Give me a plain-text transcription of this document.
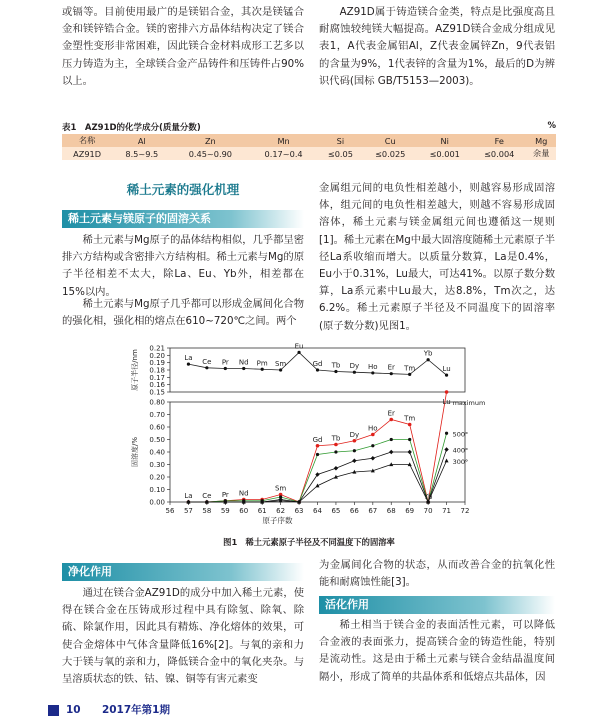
或镉等。目前使用最广的是镁铝合金，其次是镁锰合金和镁锌锆合金。镁的密排六方晶体结构决定了镁合金塑性变形非常困难，因此镁合金材料成形工艺多以压力铸造为主，全球镁合金产品铸件和压铸件占90%以上。
AZ91D属于铸造镁合金类，特点是比强度高且耐腐蚀较纯镁大幅提高。AZ91D镁合金成分组成见表1，A代表金属铝Al，Z代表金属锌Zn，9代表铝的含量为9%，1代表锌的含量为1%，最后的D为辨识代码(国标 GB/T5153—2003)。
表1　AZ91D的化学成分(质量分数)	%
名称	Al	Zn	Mn	Si	Cu	Ni	Fe	Mg
AZ91D	8.5~9.5	0.45~0.90	0.17~0.4	≤0.05	≤0.025	≤0.001	≤0.004	余量
稀土元素的强化机理
稀土元素与镁原子的固溶关系
稀土元素与Mg原子的晶体结构相似，几乎都呈密排六方结构或含密排六方结构相。稀土元素与Mg的原子半径相差不太大，除La、Eu、Yb外，相差都在15%以内。
稀土元素与Mg原子几乎都可以形成金属间化合物的强化相，强化相的熔点在610~720℃之间。两个
金属组元间的电负性相差越小，则越容易形成固溶体，组元间的电负性相差越大，则越不容易形成固溶体，稀土元素与镁金属组元间也遵循这一规则[1]。稀土元素在Mg中最大固溶度随稀土元素原子半径La系收缩而增大。以质量分数算，La是0.4%，Eu小于0.31%，Lu最大，可达41%。以原子数分数算，La系元素中Lu最大，达8.8%，Tm次之，达6.2%。稀土元素原子半径及不同温度下的固溶率(原子数分数)见图1。
0.15
0.16
0.17
0.18
0.19
0.20
0.21
原子半径/nm	La Ce Pr Nd Pm Sm
Eu
Gd Tb Dy Ho Er Tm
Yb
Lu
0.00
0.10
0.20
0.30
0.40
0.50
0.60
0.70
0.80
固溶度/%
56 57 58 59 60 61 62 63 64 65 66 67 68 69 70 71 72
原子序数
maximum
500°
400°
300°
La Ce Pr Nd
Sm
Gd Tb Dy
Ho
Er
Tm
Yb
Lu
图1　稀土元素原子半径及不同温度下的固溶率
净化作用
通过在镁合金AZ91D的成分中加入稀土元素，使得在镁合金在压铸成形过程中具有除氢、除氧、除硫、除氯作用，因此具有精炼、净化熔体的效果，可使合金熔体中气体含量降低16%[2]。与氧的亲和力大于镁与氧的亲和力，降低镁合金中的氧化夹杂。与呈溶质状态的铁、钴、镍、铜等有害元素变
为金属间化合物的状态，从而改善合金的抗氧化性能和耐腐蚀性能[3]。
活化作用
稀土相当于镁合金的表面活性元素，可以降低合金液的表面张力，提高镁合金的铸造性能，特别是流动性。这是由于稀土元素与镁合金结晶温度间隔小，形成了简单的共晶体系和低熔点共晶体，因
10 2017年第1期
